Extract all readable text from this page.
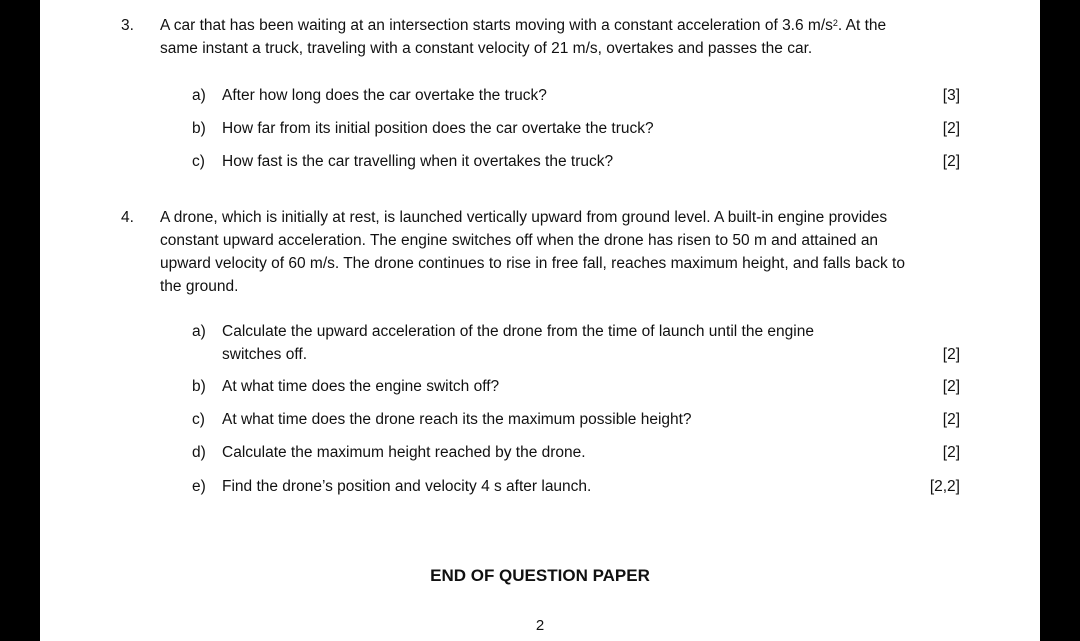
3. A car that has been waiting at an intersection starts moving with a constant acceleration of 3.6 $m/s^2$. At the same instant a truck, traveling with a constant velocity of 21 m/s, overtakes and passes the car.

a) After how long does the car overtake the truck?	[3]
b) How far from its initial position does the car overtake the truck?	[2]
c) How fast is the car travelling when it overtakes the truck?	[2]
4. A drone, which is initially at rest, is launched vertically upward from ground level. A built-in engine provides constant upward acceleration. The engine switches off when the drone has risen to 50 m and attained an upward velocity of 60 m/s. The drone continues to rise in free fall, reaches maximum height, and falls back to the ground.

a) Calculate the upward acceleration of the drone from the time of launch until the engine
switches off.	[2]
b) At what time does the engine switch off?	[2]
c) At what time does the drone reach its the maximum possible height?	[2]
d) Calculate the maximum height reached by the drone.	[2]
e) Find the drone’s position and velocity 4 s after launch.	[2,2]
END OF QUESTION PAPER
2
